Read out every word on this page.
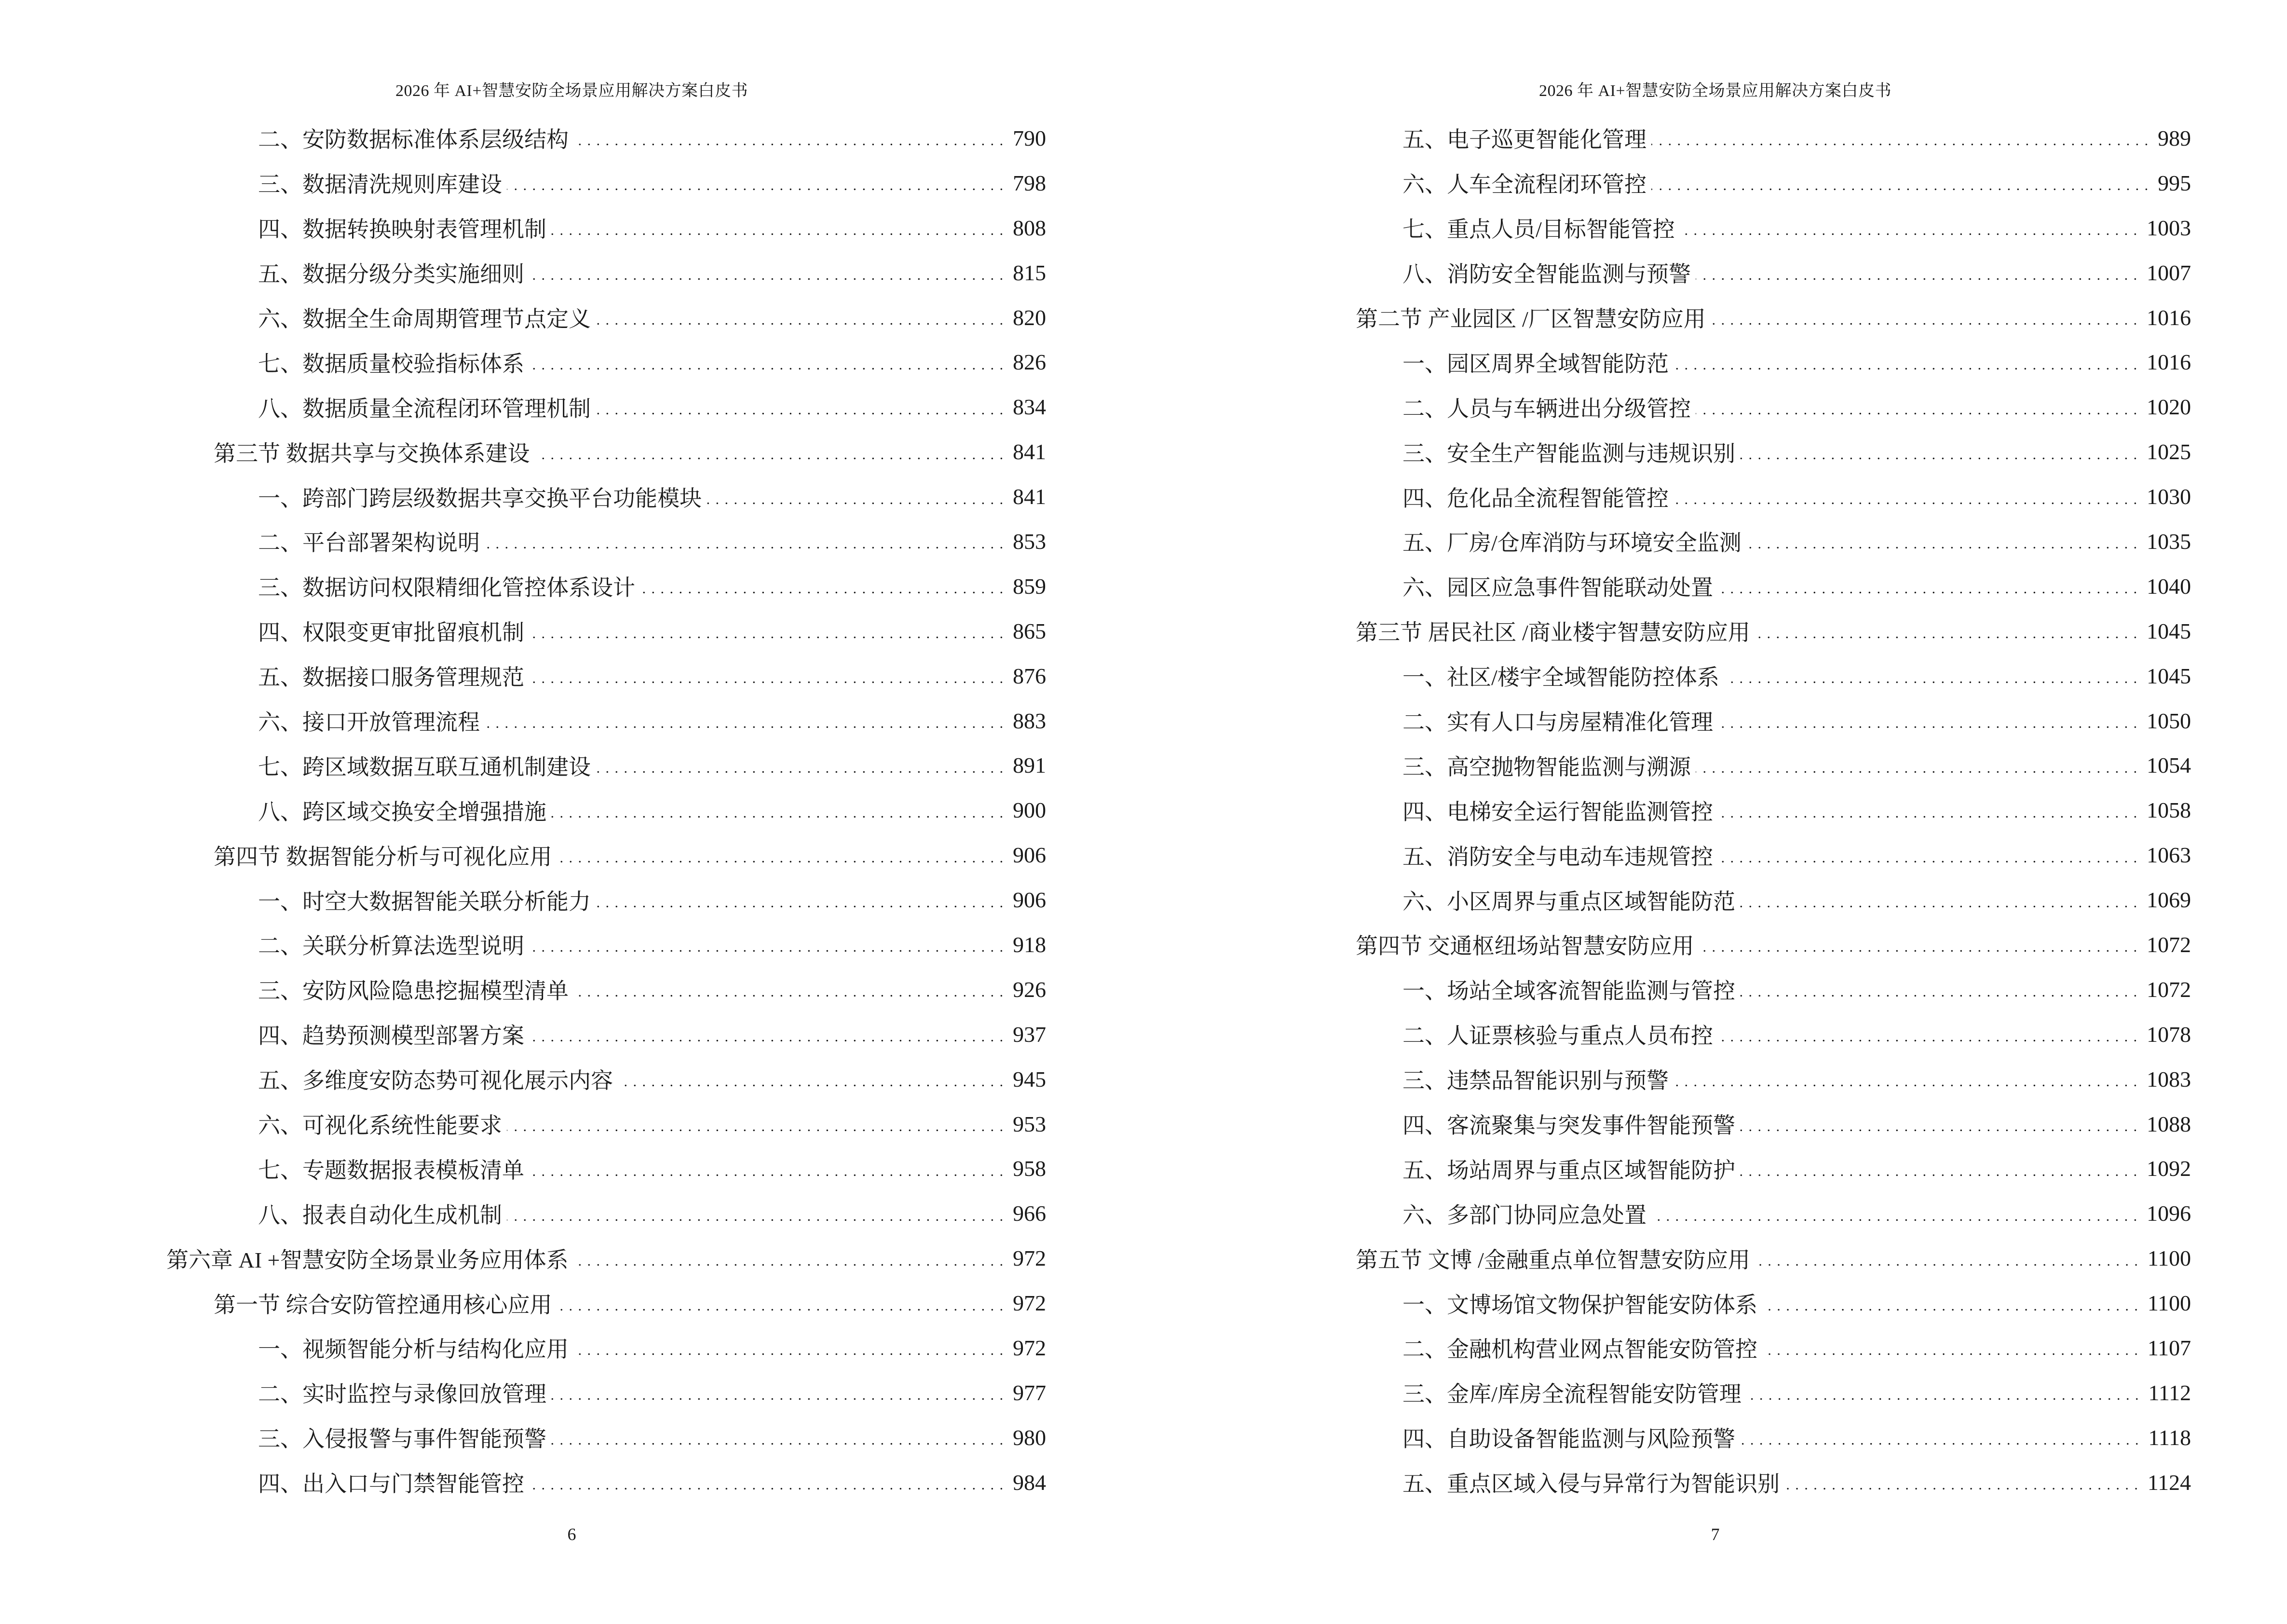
2026 年 AI+智慧安防全场景应用解决方案白皮书
二、安防数据标准体系层级结构 . . .	790
三、数据清洗规则库建设 . . .	798
四、数据转换映射表管理机制 . . .	808
五、数据分级分类实施细则 . . .	815
六、数据全生命周期管理节点定义 . . .	820
七、数据质量校验指标体系 . . .	826
八、数据质量全流程闭环管理机制 . . .	834
第三节 数据共享与交换体系建设 . . .	841
一、跨部门跨层级数据共享交换平台功能模块 . . .	841
二、平台部署架构说明 . . .	853
三、数据访问权限精细化管控体系设计 . . .	859
四、权限变更审批留痕机制 . . .	865
五、数据接口服务管理规范 . . .	876
六、接口开放管理流程 . . .	883
七、跨区域数据互联互通机制建设 . . .	891
八、跨区域交换安全增强措施 . . .	900
第四节 数据智能分析与可视化应用 . . .	906
一、时空大数据智能关联分析能力 . . .	906
二、关联分析算法选型说明 . . .	918
三、安防风险隐患挖掘模型清单 . . .	926
四、趋势预测模型部署方案 . . .	937
五、多维度安防态势可视化展示内容 . . .	945
六、可视化系统性能要求 . . .	953
七、专题数据报表模板清单 . . .	958
八、报表自动化生成机制 . . .	966
第六章 AI +智慧安防全场景业务应用体系 . . .	972
第一节 综合安防管控通用核心应用 . . .	972
一、视频智能分析与结构化应用 . . .	972
二、实时监控与录像回放管理 . . .	977
三、入侵报警与事件智能预警 . . .	980
四、出入口与门禁智能管控 . . .	984
6
2026 年 AI+智慧安防全场景应用解决方案白皮书
五、电子巡更智能化管理 . . .	989
六、人车全流程闭环管控 . . .	995
七、重点人员/目标智能管控 . . .	1003
八、消防安全智能监测与预警 . . .	1007
第二节 产业园区 /厂区智慧安防应用 . . .	1016
一、园区周界全域智能防范 . . .	1016
二、人员与车辆进出分级管控 . . .	1020
三、安全生产智能监测与违规识别 . . .	1025
四、危化品全流程智能管控 . . .	1030
五、厂房/仓库消防与环境安全监测 . . .	1035
六、园区应急事件智能联动处置 . . .	1040
第三节 居民社区 /商业楼宇智慧安防应用 . . .	1045
一、社区/楼宇全域智能防控体系 . . .	1045
二、实有人口与房屋精准化管理 . . .	1050
三、高空抛物智能监测与溯源 . . .	1054
四、电梯安全运行智能监测管控 . . .	1058
五、消防安全与电动车违规管控 . . .	1063
六、小区周界与重点区域智能防范 . . .	1069
第四节 交通枢纽场站智慧安防应用 . . .	1072
一、场站全域客流智能监测与管控 . . .	1072
二、人证票核验与重点人员布控 . . .	1078
三、违禁品智能识别与预警 . . .	1083
四、客流聚集与突发事件智能预警 . . .	1088
五、场站周界与重点区域智能防护 . . .	1092
六、多部门协同应急处置 . . .	1096
第五节 文博 /金融重点单位智慧安防应用 . . .	1100
一、文博场馆文物保护智能安防体系 . . .	1100
二、金融机构营业网点智能安防管控 . . .	1107
三、金库/库房全流程智能安防管理 . . .	1112
四、自助设备智能监测与风险预警 . . .	1118
五、重点区域入侵与异常行为智能识别 . . .	1124
7
